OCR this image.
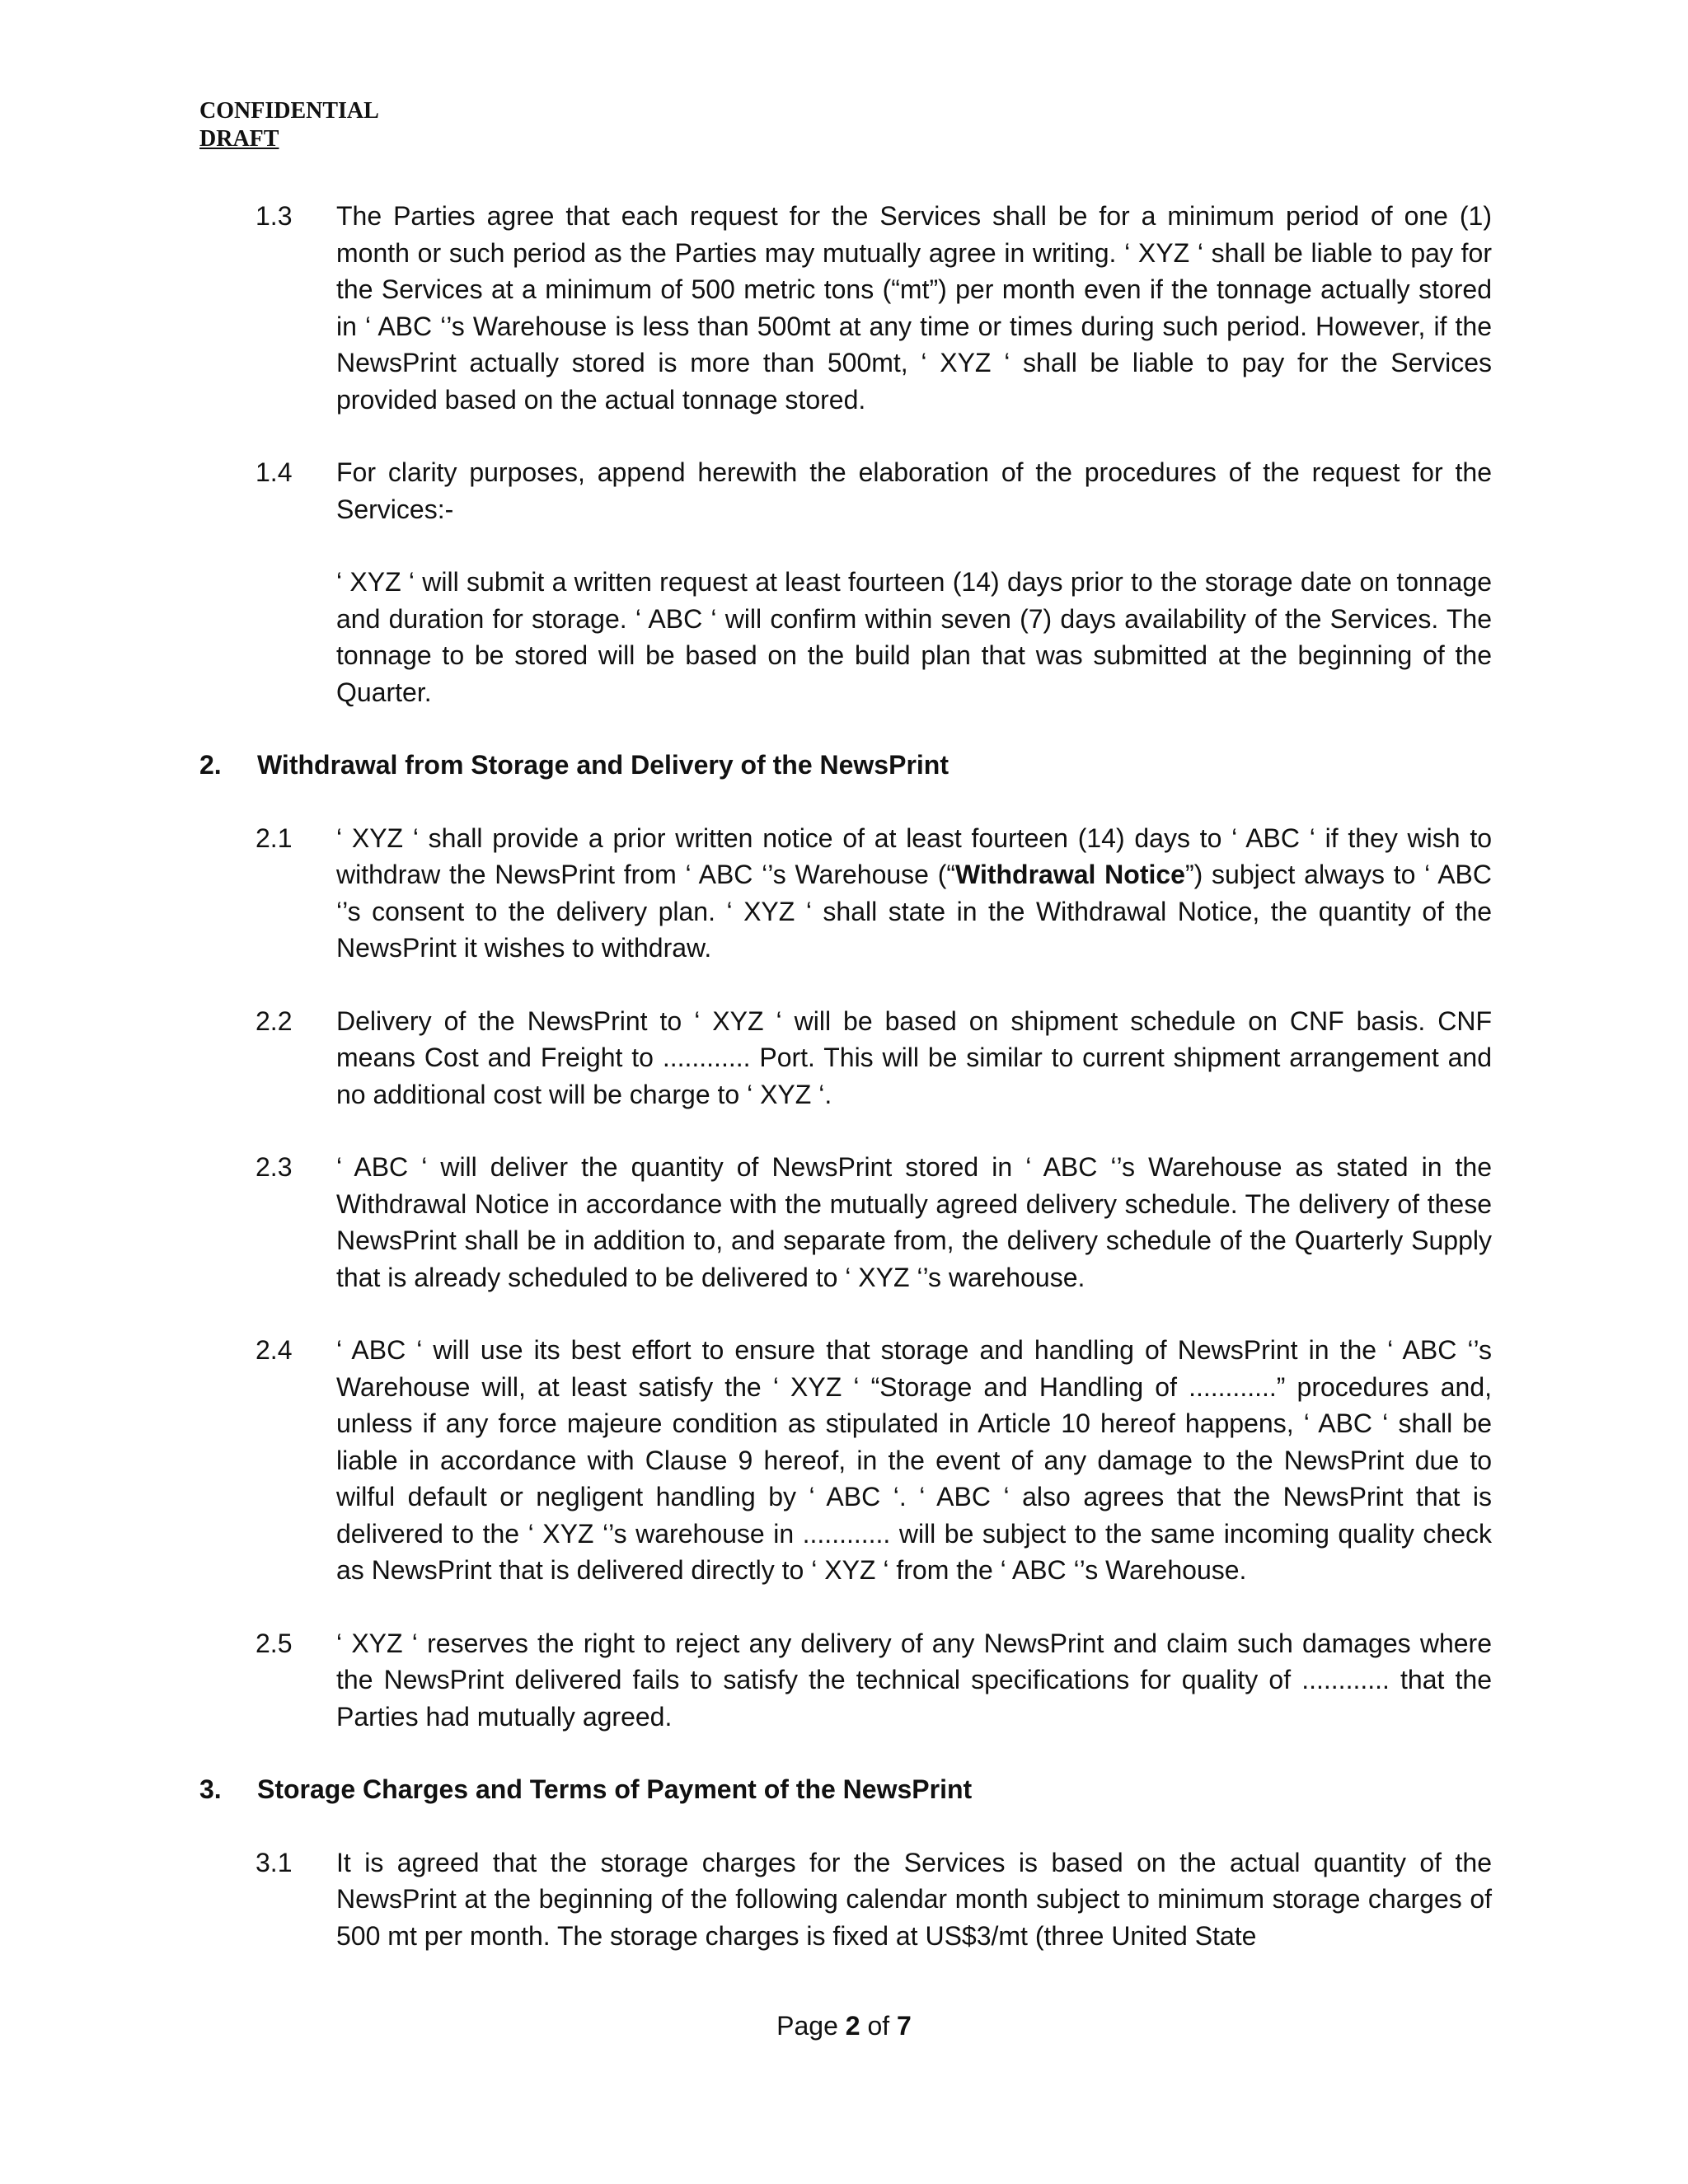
CONFIDENTIAL
DRAFT
1.3	The Parties agree that each request for the Services shall be for a minimum period of one (1) month or such period as the Parties may mutually agree in writing. ‘ XYZ ‘ shall be liable to pay for the Services at a minimum of 500 metric tons (“mt”) per month even if the tonnage actually stored in ‘ ABC ‘’s Warehouse is less than 500mt at any time or times during such period. However, if the NewsPrint actually stored is more than 500mt, ‘ XYZ ‘ shall be liable to pay for the Services provided based on the actual tonnage stored.

1.4	For clarity purposes, append herewith the elaboration of the procedures of the request for the Services:-

‘ XYZ ‘ will submit a written request at least fourteen (14) days prior to the storage date on tonnage and duration for storage. ‘ ABC ‘ will confirm within seven (7) days availability of the Services. The tonnage to be stored will be based on the build plan that was submitted at the beginning of the Quarter.

2. Withdrawal from Storage and Delivery of the NewsPrint
2.1	‘ XYZ ‘ shall provide a prior written notice of at least fourteen (14) days to ‘ ABC ‘ if they wish to withdraw the NewsPrint from ‘ ABC ‘’s Warehouse (“Withdrawal Notice”) subject always to ‘ ABC ‘’s consent to the delivery plan. ‘ XYZ ‘ shall state in the Withdrawal Notice, the quantity of the NewsPrint it wishes to withdraw.

2.2	Delivery of the NewsPrint to ‘ XYZ ‘ will be based on shipment schedule on CNF basis. CNF means Cost and Freight to ............ Port. This will be similar to current shipment arrangement and no additional cost will be charge to ‘ XYZ ‘.

2.3	‘ ABC ‘ will deliver the quantity of NewsPrint stored in ‘ ABC ‘’s Warehouse as stated in the Withdrawal Notice in accordance with the mutually agreed delivery schedule. The delivery of these NewsPrint shall be in addition to, and separate from, the delivery schedule of the Quarterly Supply that is already scheduled to be delivered to ‘ XYZ ‘’s warehouse.

2.4	‘ ABC ‘ will use its best effort to ensure that storage and handling of NewsPrint in the ‘ ABC ‘’s Warehouse will, at least satisfy the ‘ XYZ ‘ “Storage and Handling of ............” procedures and, unless if any force majeure condition as stipulated in Article 10 hereof happens, ‘ ABC ‘ shall be liable in accordance with Clause 9 hereof, in the event of any damage to the NewsPrint due to wilful default or negligent handling by ‘ ABC ‘. ‘ ABC ‘ also agrees that the NewsPrint that is delivered to the ‘ XYZ ‘’s warehouse in ............ will be subject to the same incoming quality check as NewsPrint that is delivered directly to ‘ XYZ ‘ from the ‘ ABC ‘’s Warehouse.

2.5	‘ XYZ ‘ reserves the right to reject any delivery of any NewsPrint and claim such damages where the NewsPrint delivered fails to satisfy the technical specifications for quality of ............ that the Parties had mutually agreed.

3. Storage Charges and Terms of Payment of the NewsPrint
3.1	It is agreed that the storage charges for the Services is based on the actual quantity of the NewsPrint at the beginning of the following calendar month subject to minimum storage charges of 500 mt per month. The storage charges is fixed at US$3/mt (three United State

Page 2 of 7
